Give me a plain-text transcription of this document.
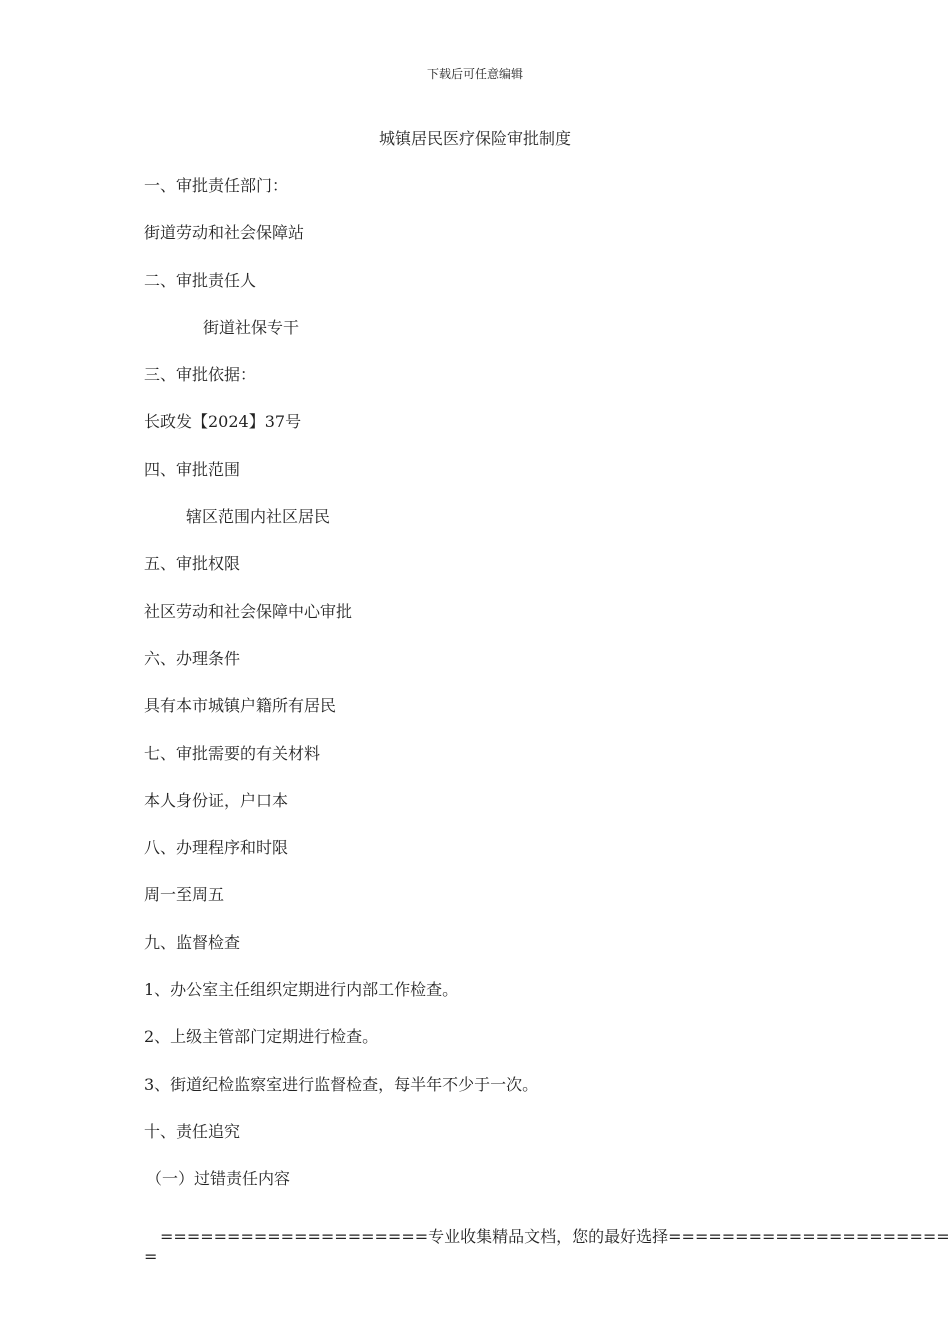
下载后可任意编辑
城镇居民医疗保险审批制度
一、审批责任部门：
街道劳动和社会保障站
二、审批责任人
街道社保专干
三、审批依据：
长政发【2024】37号
四、审批范围
辖区范围内社区居民
五、审批权限
社区劳动和社会保障中心审批
六、办理条件
具有本市城镇户籍所有居民
七、审批需要的有关材料
本人身份证，户口本
八、办理程序和时限
周一至周五
九、监督检查
1、办公室主任组织定期进行内部工作检查。
2、上级主管部门定期进行检查。
3、街道纪检监察室进行监督检查，每半年不少于一次。
十、责任追究
（一）过错责任内容
====================专业收集精品文档，您的最好选择=====================
=
